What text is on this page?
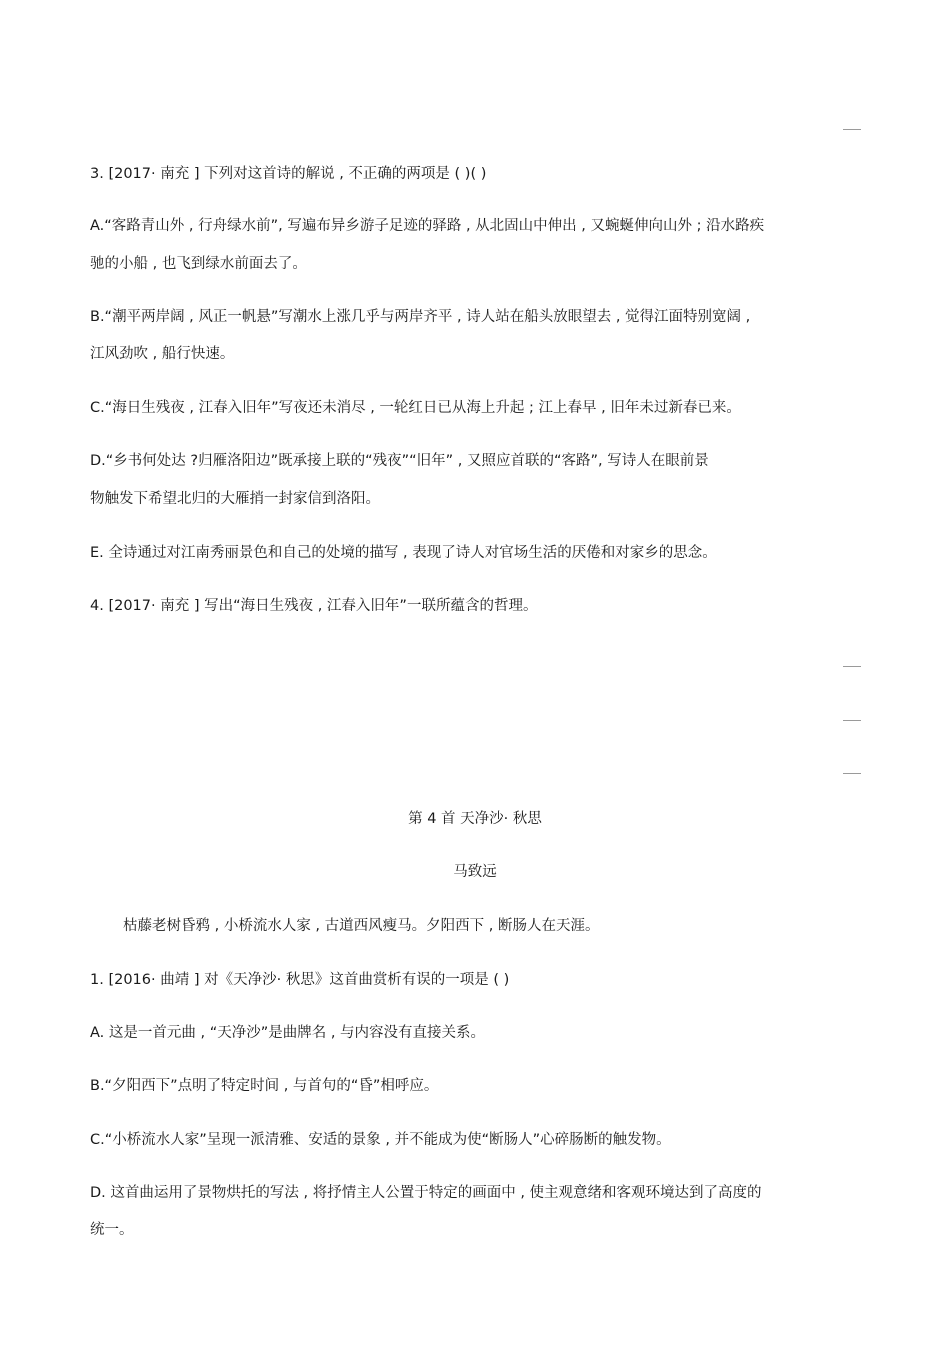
3. [2017· 南充 ] 下列对这首诗的解说 , 不正确的两项是 ( )( )
A.“客路青山外 , 行舟绿水前”, 写遍布异乡游子足迹的驿路 , 从北固山中伸出 , 又蜿蜒伸向山外 ; 沿水路疾
驰的小船 , 也飞到绿水前面去了。
B.“潮平两岸阔 , 风正一帆悬”写潮水上涨几乎与两岸齐平 , 诗人站在船头放眼望去 , 觉得江面特别宽阔 ,
江风劲吹 , 船行快速。
C.“海日生残夜 , 江春入旧年”写夜还未消尽 , 一轮红日已从海上升起 ; 江上春早 , 旧年未过新春已来。
D.“乡书何处达 ?归雁洛阳边”既承接上联的“残夜”“旧年” , 又照应首联的“客路”, 写诗人在眼前景
物触发下希望北归的大雁捎一封家信到洛阳。
E. 全诗通过对江南秀丽景色和自己的处境的描写 , 表现了诗人对官场生活的厌倦和对家乡的思念。
4. [2017· 南充 ] 写出“海日生残夜 , 江春入旧年”一联所蕴含的哲理。
第 4 首 天净沙· 秋思
马致远
枯藤老树昏鸦 , 小桥流水人家 , 古道西风瘦马。夕阳西下 , 断肠人在天涯。
1. [2016· 曲靖 ] 对《天净沙· 秋思》这首曲赏析有误的一项是 ( )
A. 这是一首元曲 , “天净沙”是曲牌名 , 与内容没有直接关系。
B.“夕阳西下”点明了特定时间 , 与首句的“昏”相呼应。
C.“小桥流水人家”呈现一派清雅、安适的景象 , 并不能成为使“断肠人”心碎肠断的触发物。
D. 这首曲运用了景物烘托的写法 , 将抒情主人公置于特定的画面中 , 使主观意绪和客观环境达到了高度的
统一。
